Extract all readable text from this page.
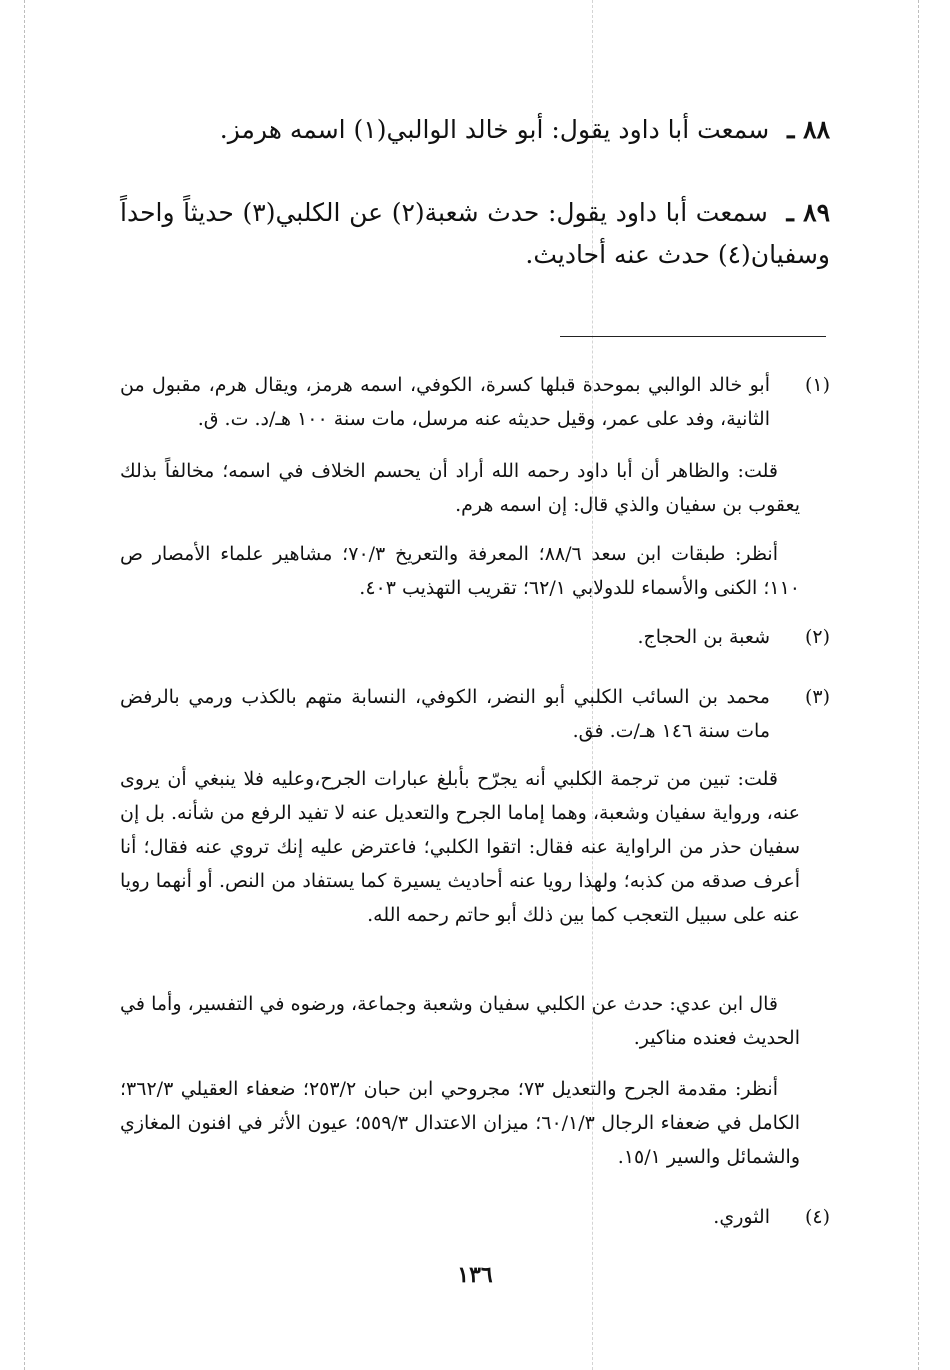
٨٨ ـ سمعت أبا داود يقول: أبو خالد الوالبي(١) اسمه هرمز.
٨٩ ـ سمعت أبا داود يقول: حدث شعبة(٢) عن الكلبي(٣) حديثاً واحداً وسفيان(٤) حدث عنه أحاديث.
(١)
أبو خالد الوالبي بموحدة قبلها كسرة، الكوفي، اسمه هرمز، ويقال هرم، مقبول من الثانية، وفد على عمر، وقيل حديثه عنه مرسل، مات سنة ١٠٠ هـ/د. ت. ق.
قلت: والظاهر أن أبا داود رحمه الله أراد أن يحسم الخلاف في اسمه؛ مخالفاً بذلك يعقوب بن سفيان والذي قال: إن اسمه هرم.
أنظر: طبقات ابن سعد ٨٨/٦؛ المعرفة والتعريخ ٧٠/٣؛ مشاهير علماء الأمصار ص ١١٠؛ الكنى والأسماء للدولابي ٦٢/١؛ تقريب التهذيب ٤٠٣.
(٢)
شعبة بن الحجاج.
(٣)
محمد بن السائب الكلبي أبو النضر، الكوفي، النسابة متهم بالكذب ورمي بالرفض مات سنة ١٤٦ هـ/ت. فق.
قلت: تبين من ترجمة الكلبي أنه يجرّح بأبلغ عبارات الجرح،وعليه فلا ينبغي أن يروى عنه، ورواية سفيان وشعبة، وهما إماما الجرح والتعديل عنه لا تفيد الرفع من شأنه. بل إن سفيان حذر من الراواية عنه فقال: اتقوا الكلبي؛ فاعترض عليه إنك تروي عنه فقال؛ أنا أعرف صدقه من كذبه؛ ولهذا رويا عنه أحاديث يسيرة كما يستفاد من النص. أو أنهما رويا عنه على سبيل التعجب كما بين ذلك أبو حاتم رحمه الله.
قال ابن عدي: حدث عن الكلبي سفيان وشعبة وجماعة، ورضوه في التفسير، وأما في الحديث فعنده مناكير.
أنظر: مقدمة الجرح والتعديل ٧٣؛ مجروحي ابن حبان ٢٥٣/٢؛ ضعفاء العقيلي ٣٦٢/٣؛ الكامل في ضعفاء الرجال ٦٠/١/٣؛ ميزان الاعتدال ٥٥٩/٣؛ عيون الأثر في افنون المغازي والشمائل والسير ١٥/١.
(٤)
الثوري.
١٣٦
